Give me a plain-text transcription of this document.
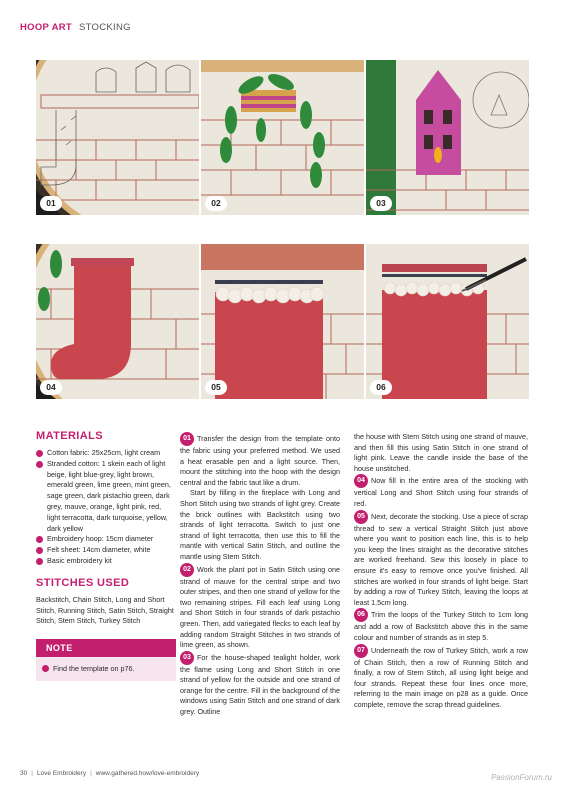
HOOP ART STOCKING
01	02	03
04	05	06
MATERIALS
Cotton fabric: 25x25cm, light cream
Stranded cotton: 1 skein each of light beige, light blue-grey, light brown, emerald green, lime green, mint green, sage green, dark pistachio green, dark grey, mauve, orange, light pink, red, light terracotta, dark turquoise, yellow, dark yellow
Embroidery hoop: 15cm diameter
Felt sheet: 14cm diameter, white
Basic embroidery kit
STITCHES USED

Backstitch, Chain Stitch, Long and Short Stitch, Running Stitch, Satin Stitch, Straight Stitch, Stem Stitch, Turkey Stitch

NOTE
Find the template on p76.

01 Transfer the design from the template onto the fabric using your preferred method. We used a heat erasable pen and a light source. Then, mount the stitching into the hoop with the design central and the fabric taut like a drum.

Start by filling in the fireplace with Long and Short Stitch using two strands of light grey. Create the brick outlines with Backstitch using two strands of light terracotta. Switch to just one strand of light terracotta, then use this to fill the mantle with vertical Satin Stitch, and outline the mantle using Stem Stitch.

02 Work the plant pot in Satin Stitch using one strand of mauve for the central stripe and two outer stripes, and then one strand of yellow for the two remaining stripes. Fill each leaf using Long and Short Stitch in four strands of dark pistachio green. Then, add variegated flecks to each leaf by adding random Straight Stitches in two strands of lime green, as shown.

03 For the house-shaped tealight holder, work the flame using Long and Short Stitch in one strand of yellow for the outside and one strand of orange for the centre. Fill in the background of the windows using Satin Stitch and one strand of dark grey. Outline

the house with Stem Stitch using one strand of mauve, and then fill this using Satin Stitch in one strand of light pink. Leave the candle inside the base of the house unstitched.

04 Now fill in the entire area of the stocking with vertical Long and Short Stitch using four strands of red.

05 Next, decorate the stocking. Use a piece of scrap thread to sew a vertical Straight Stitch just above where you want to position each line, this is to help you keep the lines straight as the decorative stitches are worked freehand. Sew this loosely in place to ensure it's easy to remove once you've finished. All stitches are worked in four strands of light beige. Start by adding a row of Turkey Stitch, leaving the loops at least 1.5cm long.

06 Trim the loops of the Turkey Stitch to 1cm long and add a row of Backstitch above this in the same colour and number of strands as in step 5.

07 Underneath the row of Turkey Stitch, work a row of Chain Stitch, then a row of Running Stitch and finally, a row of Stem Stitch, all using light beige and four strands. Repeat these four lines once more, referring to the main image on p28 as a guide. Once complete, remove the scrap thread guidelines.

30 | Love Embroidery | www.gathered.how/love-embroidery	PassionForum.ru
